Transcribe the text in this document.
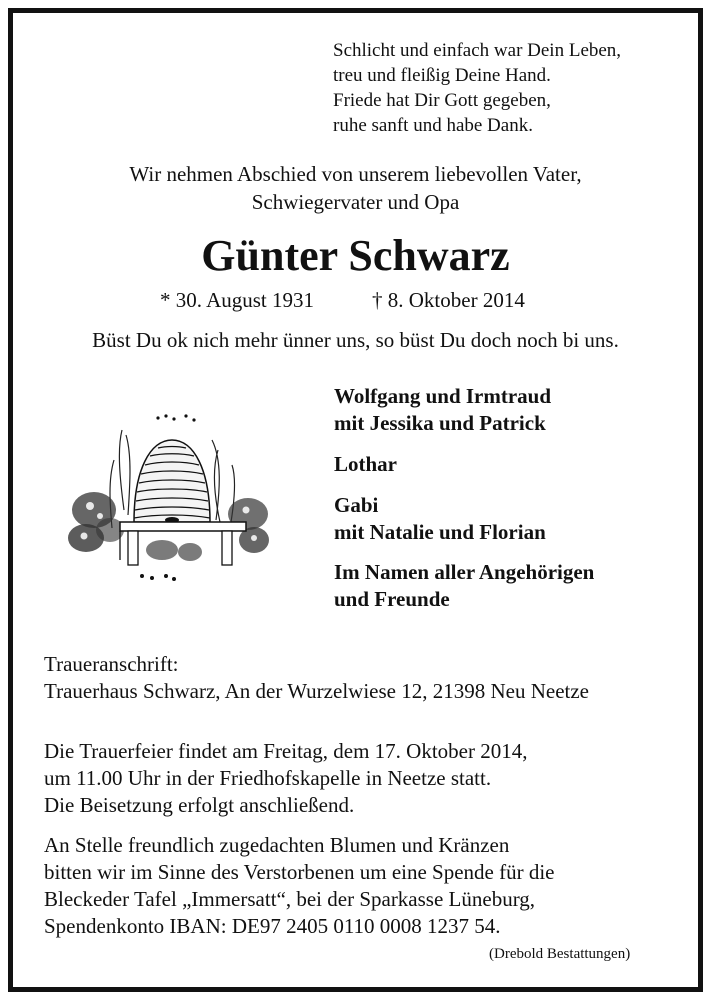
Schlicht und einfach war Dein Leben,
treu und fleißig Deine Hand.
Friede hat Dir Gott gegeben,
ruhe sanft und habe Dank.
Wir nehmen Abschied von unserem liebevollen Vater,
Schwiegervater und Opa
Günter Schwarz
* 30. August 1931	† 8. Oktober 2014
Büst Du ok nich mehr ünner uns, so büst Du doch noch bi uns.
Wolfgang und Irmtraud
mit Jessika und Patrick
Lothar
Gabi
mit Natalie und Florian
Im Namen aller Angehörigen
und Freunde
Traueranschrift:
Trauerhaus Schwarz, An der Wurzelwiese 12, 21398 Neu Neetze
Die Trauerfeier findet am Freitag, dem 17. Oktober 2014,
um 11.00 Uhr in der Friedhofskapelle in Neetze statt.
Die Beisetzung erfolgt anschließend.
An Stelle freundlich zugedachten Blumen und Kränzen
bitten wir im Sinne des Verstorbenen um eine Spende für die
Bleckeder Tafel „Immersatt“, bei der Sparkasse Lüneburg,
Spendenkonto IBAN: DE97 2405 0110 0008 1237 54.
(Drebold Bestattungen)
